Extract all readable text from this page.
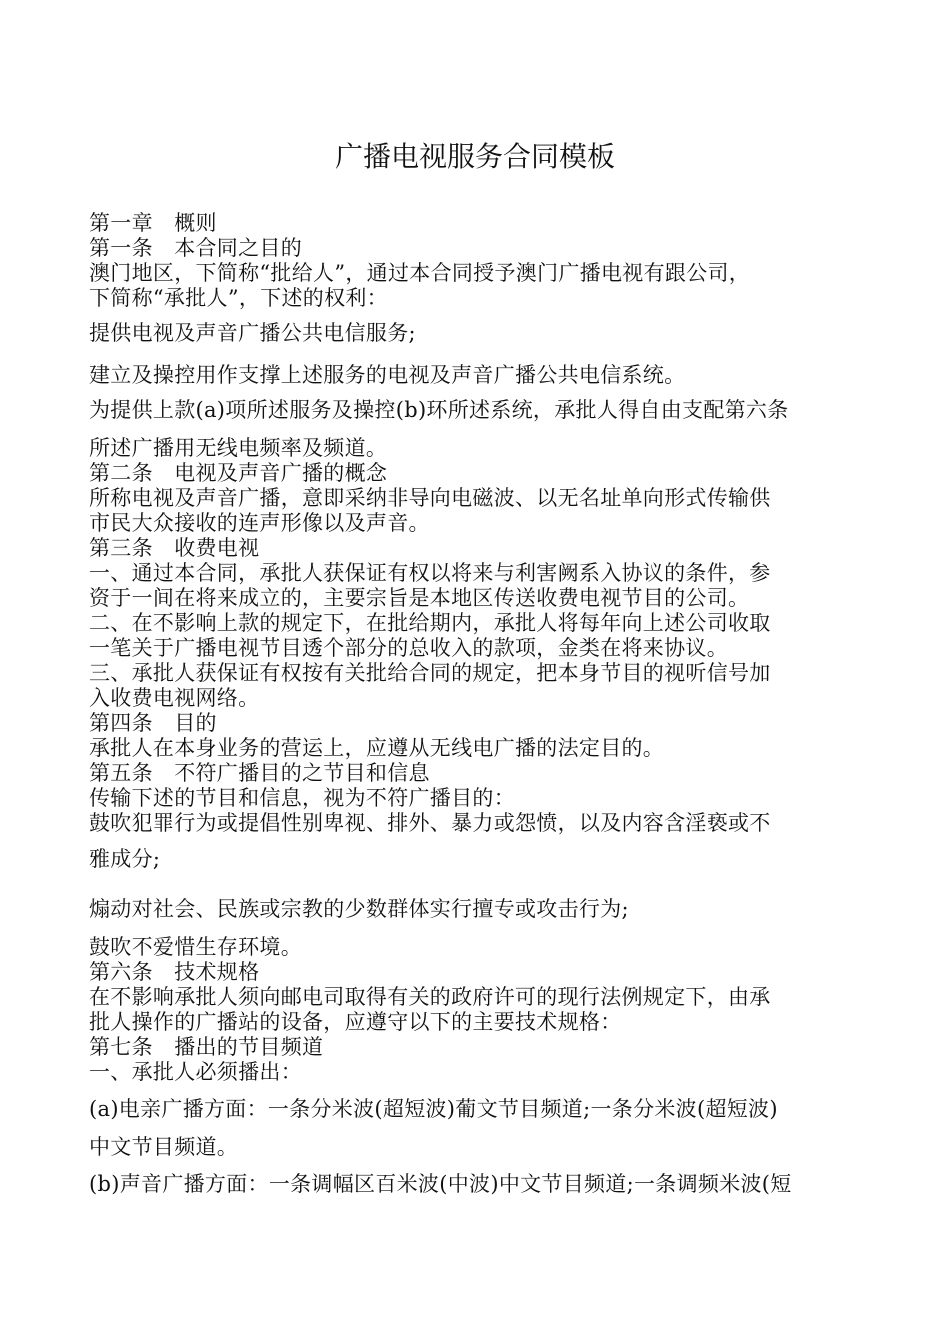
广播电视服务合同模板
第一章　概则
第一条　本合同之目的
澳门地区，下简称“批给人”，通过本合同授予澳门广播电视有跟公司，
下简称“承批人”，下述的权利：
提供电视及声音广播公共电信服务;
建立及操控用作支撑上述服务的电视及声音广播公共电信系统。
为提供上款(a)项所述服务及操控(b)环所述系统，承批人得自由支配第六条
所述广播用无线电频率及频道。
第二条　电视及声音广播的概念
所称电视及声音广播，意即采纳非导向电磁波、以无名址单向形式传输供
市民大众接收的连声形像以及声音。
第三条　收费电视
一、通过本合同，承批人获保证有权以将来与利害阙系入协议的条件，参
资于一间在将来成立的，主要宗旨是本地区传送收费电视节目的公司。
二、在不影响上款的规定下，在批给期内，承批人将每年向上述公司收取
一笔关于广播电视节目透个部分的总收入的款项，金类在将来协议。
三、承批人获保证有权按有关批给合同的规定，把本身节目的视听信号加
入收费电视网络。
第四条　目的
承批人在本身业务的营运上，应遵从无线电广播的法定目的。
第五条　不符广播目的之节目和信息
传输下述的节目和信息，视为不符广播目的：
鼓吹犯罪行为或提倡性别卑视、排外、暴力或怨愤，以及内容含淫亵或不
雅成分;
煽动对社会、民族或宗教的少数群体实行擅专或攻击行为;
鼓吹不爱惜生存环境。
第六条　技术规格
在不影响承批人须向邮电司取得有关的政府许可的现行法例规定下，由承
批人操作的广播站的设备，应遵守以下的主要技术规格：
第七条　播出的节目频道
一、承批人必须播出：
(a)电亲广播方面：一条分米波(超短波)葡文节目频道;一条分米波(超短波)
中文节目频道。
(b)声音广播方面：一条调幅区百米波(中波)中文节目频道;一条调频米波(短
